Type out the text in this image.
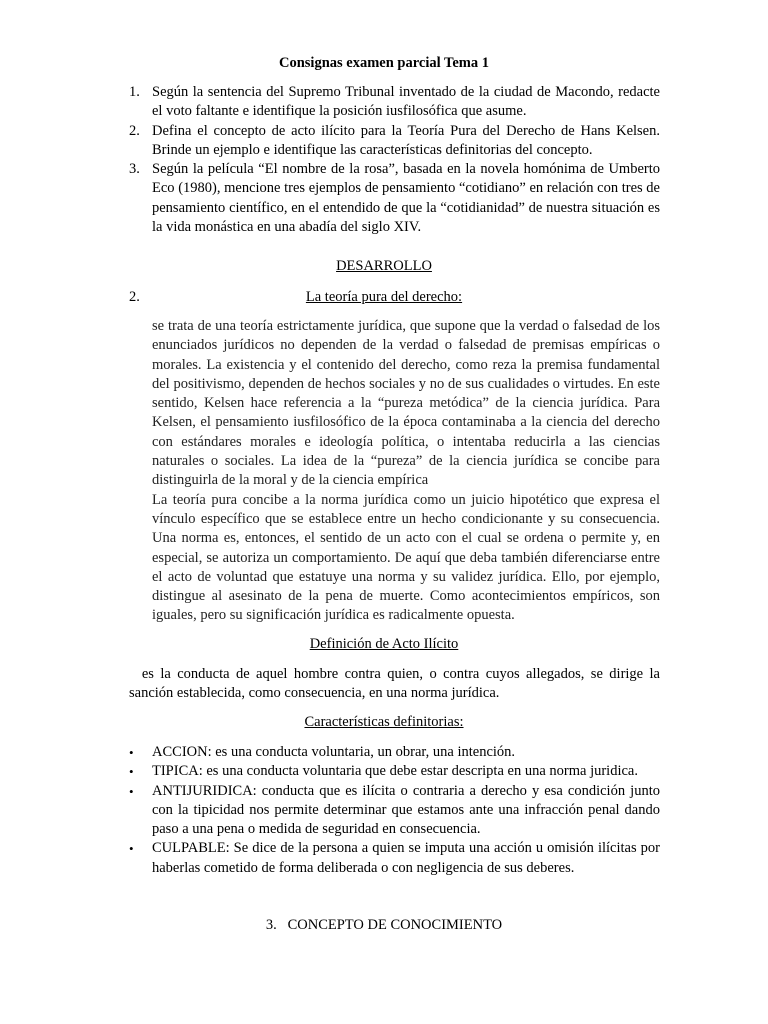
Consignas examen parcial Tema 1
1. Según la sentencia del Supremo Tribunal inventado de la ciudad de Macondo, redacte el voto faltante e identifique la posición iusfilosófica que asume.
2. Defina el concepto de acto ilícito para la Teoría Pura del Derecho de Hans Kelsen. Brinde un ejemplo e identifique las características definitorias del concepto.
3. Según la película “El nombre de la rosa”, basada en la novela homónima de Umberto Eco (1980), mencione tres ejemplos de pensamiento “cotidiano” en relación con tres de pensamiento científico, en el entendido de que la “cotidianidad” de nuestra situación es la vida monástica en una abadía del siglo XIV.
DESARROLLO
2.	La teoría pura del derecho:

se trata de una teoría estrictamente jurídica, que supone que la verdad o falsedad de los enunciados jurídicos no dependen de la verdad o falsedad de premisas empíricas o morales. La existencia y el contenido del derecho, como reza la premisa fundamental del positivismo, dependen de hechos sociales y no de sus cualidades o virtudes. En este sentido, Kelsen hace referencia a la “pureza metódica” de la ciencia jurídica. Para Kelsen, el pensamiento iusfilosófico de la época contaminaba a la ciencia del derecho con estándares morales e ideología política, o intentaba reducirla a las ciencias naturales o sociales. La idea de la “pureza” de la ciencia jurídica se concibe para distinguirla de la moral y de la ciencia empírica

La teoría pura concibe a la norma jurídica como un juicio hipotético que expresa el vínculo específico que se establece entre un hecho condicionante y su consecuencia. Una norma es, entonces, el sentido de un acto con el cual se ordena o permite y, en especial, se autoriza un comportamiento. De aquí que deba también diferenciarse entre el acto de voluntad que estatuye una norma y su validez jurídica. Ello, por ejemplo, distingue al asesinato de la pena de muerte. Como acontecimientos empíricos, son iguales, pero su significación jurídica es radicalmente opuesta.

Definición de Acto Ilícito
es la conducta de aquel hombre contra quien, o contra cuyos allegados, se dirige la sanción establecida, como consecuencia, en una norma jurídica.
Características definitorias:
• ACCION: es una conducta voluntaria, un obrar, una intención.
• TIPICA: es una conducta voluntaria que debe estar descripta en una norma juridica.
• ANTIJURIDICA: conducta que es ilícita o contraria a derecho y esa condición junto con la tipicidad nos permite determinar que estamos ante una infracción penal dando paso a una pena o medida de seguridad en consecuencia.
• CULPABLE: Se dice de la persona a quien se imputa una acción u omisión ilícitas por haberlas cometido de forma deliberada o con negligencia de sus deberes.
3.   CONCEPTO DE CONOCIMIENTO
